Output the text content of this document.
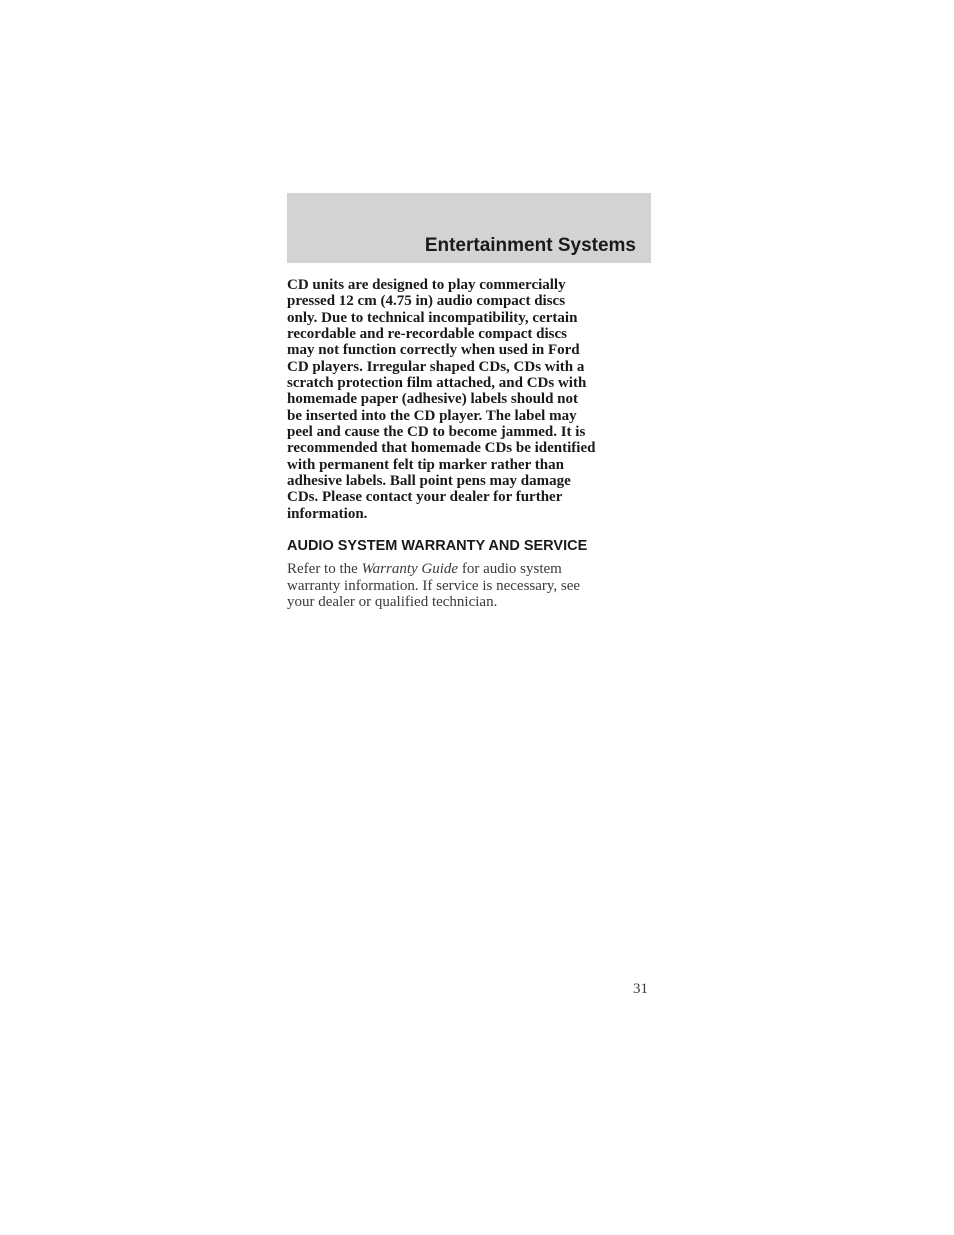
Entertainment Systems

CD units are designed to play commercially
pressed 12 cm (4.75 in) audio compact discs
only. Due to technical incompatibility, certain
recordable and re-recordable compact discs
may not function correctly when used in Ford
CD players. Irregular shaped CDs, CDs with a
scratch protection film attached, and CDs with
homemade paper (adhesive) labels should not
be inserted into the CD player. The label may
peel and cause the CD to become jammed. It is
recommended that homemade CDs be identified
with permanent felt tip marker rather than
adhesive labels. Ball point pens may damage
CDs. Please contact your dealer for further
information.

AUDIO SYSTEM WARRANTY AND SERVICE

Refer to the Warranty Guide for audio system
warranty information. If service is necessary, see
your dealer or qualified technician.

31
